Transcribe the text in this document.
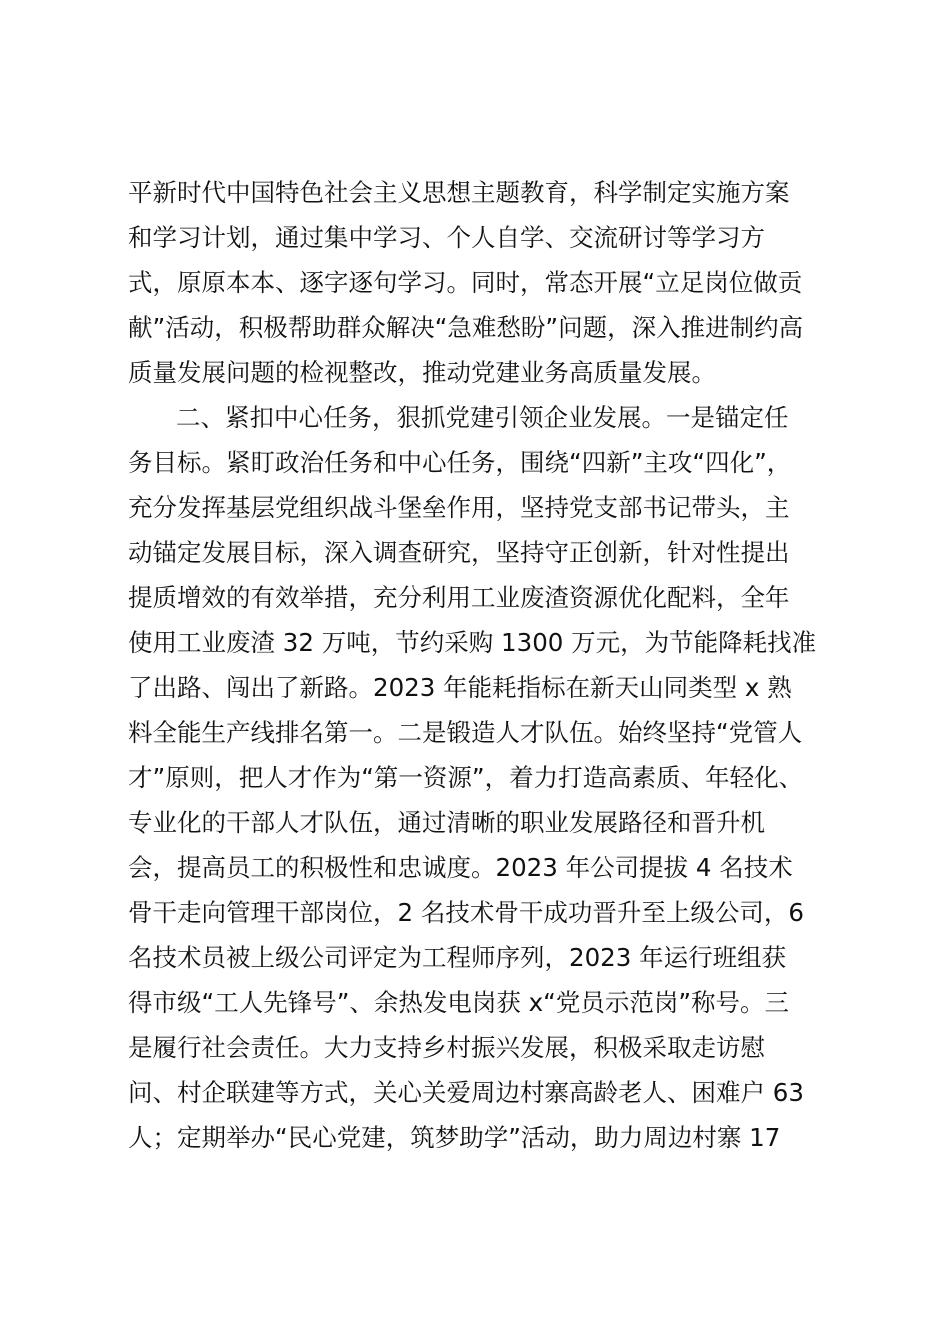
平新时代中国特色社会主义思想主题教育，科学制定实施方案
和学习计划，通过集中学习、个人自学、交流研讨等学习方
式，原原本本、逐字逐句学习。同时，常态开展“立足岗位做贡
献”活动，积极帮助群众解决“急难愁盼”问题，深入推进制约高
质量发展问题的检视整改，推动党建业务高质量发展。
二、紧扣中心任务，狠抓党建引领企业发展。一是锚定任
务目标。紧盯政治任务和中心任务，围绕“四新”主攻“四化”，
充分发挥基层党组织战斗堡垒作用，坚持党支部书记带头，主
动锚定发展目标，深入调查研究，坚持守正创新，针对性提出
提质增效的有效举措，充分利用工业废渣资源优化配料，全年
使用工业废渣 32 万吨，节约采购 1300 万元，为节能降耗找准
了出路、闯出了新路。2023 年能耗指标在新天山同类型 x 熟
料全能生产线排名第一。二是锻造人才队伍。始终坚持“党管人
才”原则，把人才作为“第一资源”，着力打造高素质、年轻化、
专业化的干部人才队伍，通过清晰的职业发展路径和晋升机
会，提高员工的积极性和忠诚度。2023 年公司提拔 4 名技术
骨干走向管理干部岗位，2 名技术骨干成功晋升至上级公司，6
名技术员被上级公司评定为工程师序列，2023 年运行班组获
得市级“工人先锋号”、余热发电岗获 x“党员示范岗”称号。三
是履行社会责任。大力支持乡村振兴发展，积极采取走访慰
问、村企联建等方式，关心关爱周边村寨高龄老人、困难户 63
人；定期举办“民心党建，筑梦助学”活动，助力周边村寨 17
